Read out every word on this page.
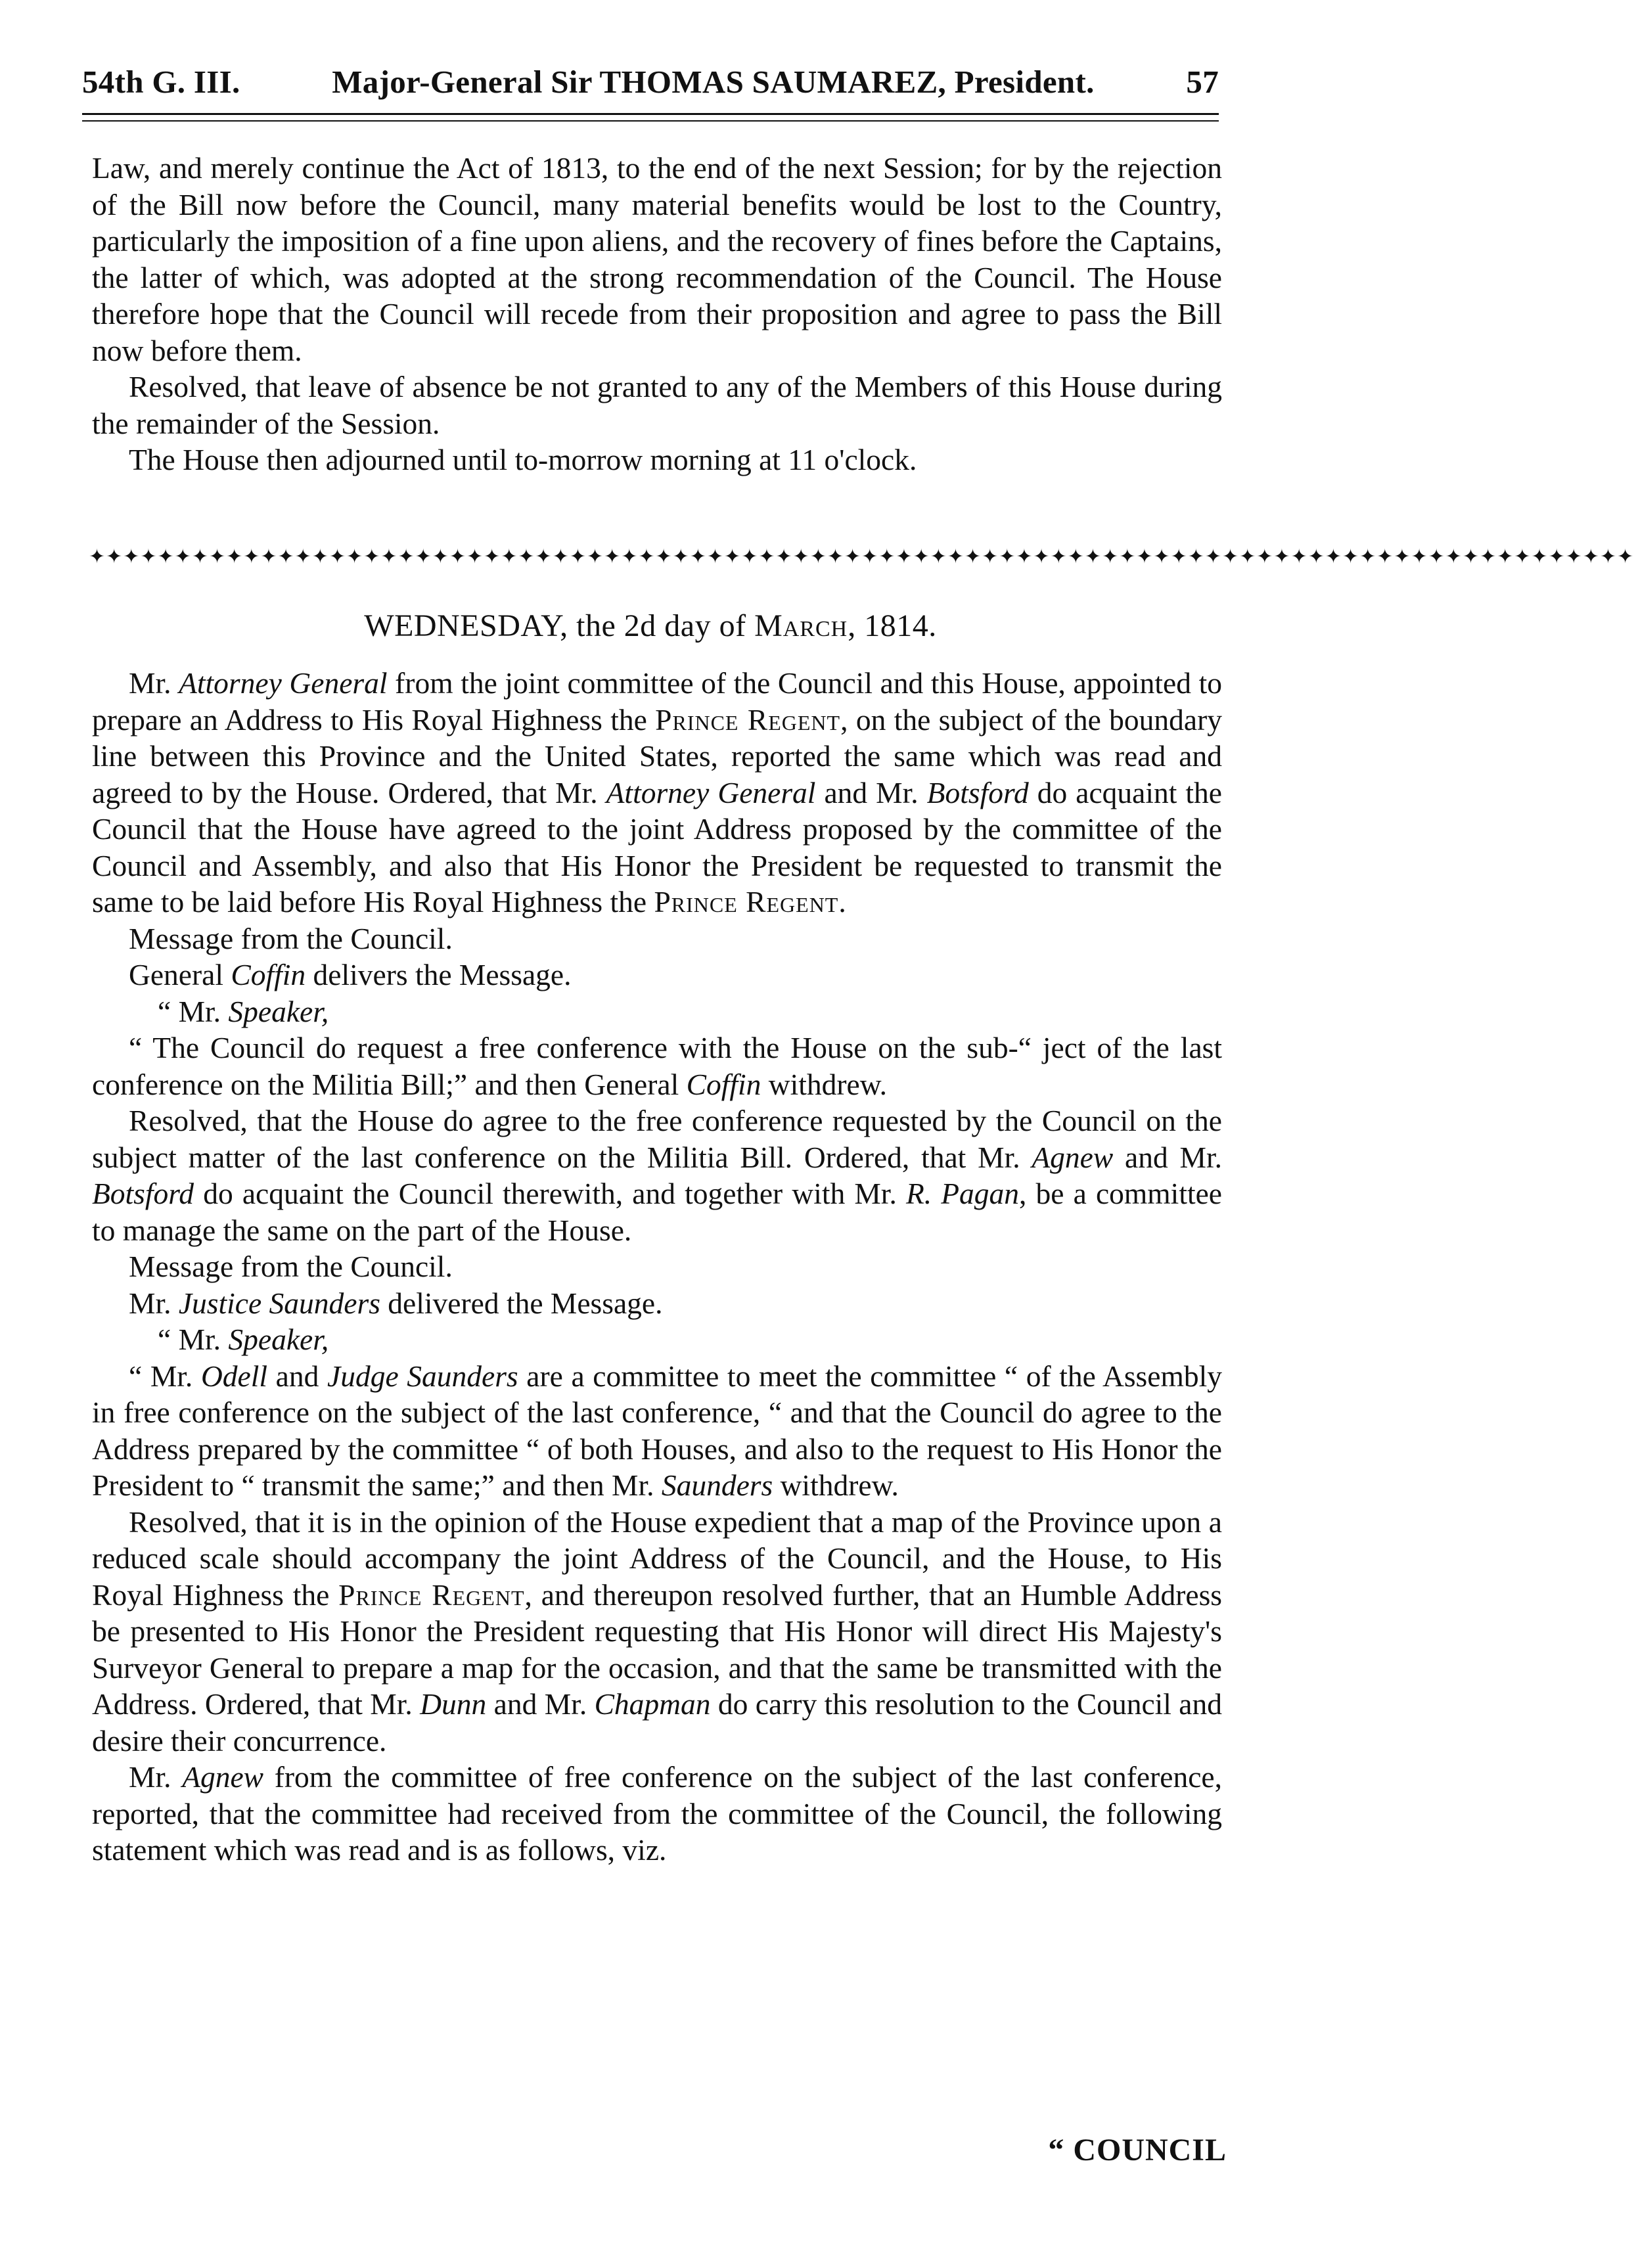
54th G. III.	Major-General Sir THOMAS SAUMAREZ, President.	57

Law, and merely continue the Act of 1813, to the end of the next Session; for by the rejection of the Bill now before the Council, many material benefits would be lost to the Country, particularly the imposition of a fine upon aliens, and the recovery of fines before the Captains, the latter of which, was adopted at the strong recommendation of the Council. The House therefore hope that the Council will recede from their proposition and agree to pass the Bill now before them.

Resolved, that leave of absence be not granted to any of the Members of this House during the remainder of the Session.

The House then adjourned until to-morrow morning at 11 o'clock.

✦✦✦✦✦✦✦✦✦✦✦✦✦✦✦✦✦✦✦✦✦✦✦✦✦✦✦✦✦✦✦✦✦✦✦✦✦✦✦✦✦✦✦✦✦✦✦✦✦✦✦✦✦✦✦✦✦✦✦✦✦✦✦✦✦✦✦✦✦✦✦✦✦✦✦✦✦✦✦✦✦✦✦✦✦✦✦✦✦✦
WEDNESDAY, the 2d day of March, 1814.

Mr. Attorney General from the joint committee of the Council and this House, appointed to prepare an Address to His Royal Highness the Prince Regent, on the subject of the boundary line between this Province and the United States, reported the same which was read and agreed to by the House. Ordered, that Mr. Attorney General and Mr. Botsford do acquaint the Council that the House have agreed to the joint Address proposed by the committee of the Council and Assembly, and also that His Honor the President be requested to transmit the same to be laid before His Royal Highness the Prince Regent.

Message from the Council.

General Coffin delivers the Message.

“ Mr. Speaker,

“ The Council do request a free conference with the House on the sub-“ ject of the last conference on the Militia Bill;” and then General Coffin withdrew.

Resolved, that the House do agree to the free conference requested by the Council on the subject matter of the last conference on the Militia Bill. Ordered, that Mr. Agnew and Mr. Botsford do acquaint the Council therewith, and together with Mr. R. Pagan, be a committee to manage the same on the part of the House.

Message from the Council.

Mr. Justice Saunders delivered the Message.

“ Mr. Speaker,

“ Mr. Odell and Judge Saunders are a committee to meet the committee “ of the Assembly in free conference on the subject of the last conference, “ and that the Council do agree to the Address prepared by the committee “ of both Houses, and also to the request to His Honor the President to “ transmit the same;” and then Mr. Saunders withdrew.

Resolved, that it is in the opinion of the House expedient that a map of the Province upon a reduced scale should accompany the joint Address of the Council, and the House, to His Royal Highness the Prince Regent, and thereupon resolved further, that an Humble Address be presented to His Honor the President requesting that His Honor will direct His Majesty's Surveyor General to prepare a map for the occasion, and that the same be transmitted with the Address. Ordered, that Mr. Dunn and Mr. Chapman do carry this resolution to the Council and desire their concurrence.

Mr. Agnew from the committee of free conference on the subject of the last conference, reported, that the committee had received from the committee of the Council, the following statement which was read and is as follows, viz.

“ COUNCIL
